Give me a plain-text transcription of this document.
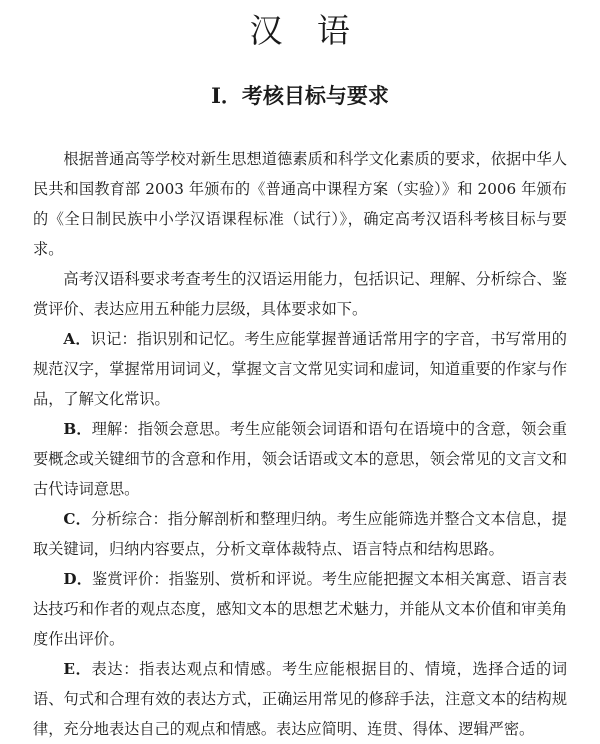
汉　语
Ⅰ．考核目标与要求

根据普通高等学校对新生思想道德素质和科学文化素质的要求，依据中华人民共和国教育部 2003 年颁布的《普通高中课程方案（实验）》和 2006 年颁布的《全日制民族中小学汉语课程标准（试行）》，确定高考汉语科考核目标与要求。

高考汉语科要求考查考生的汉语运用能力，包括识记、理解、分析综合、鉴赏评价、表达应用五种能力层级，具体要求如下。

A．识记：指识别和记忆。考生应能掌握普通话常用字的字音，书写常用的规范汉字，掌握常用词词义，掌握文言文常见实词和虚词，知道重要的作家与作品，了解文化常识。

B．理解：指领会意思。考生应能领会词语和语句在语境中的含意，领会重要概念或关键细节的含意和作用，领会话语或文本的意思，领会常见的文言文和古代诗词意思。

C．分析综合：指分解剖析和整理归纳。考生应能筛选并整合文本信息，提取关键词，归纳内容要点，分析文章体裁特点、语言特点和结构思路。

D．鉴赏评价：指鉴别、赏析和评说。考生应能把握文本相关寓意、语言表达技巧和作者的观点态度，感知文本的思想艺术魅力，并能从文本价值和审美角度作出评价。

E．表达：指表达观点和情感。考生应能根据目的、情境，选择合适的词语、句式和合理有效的表达方式，正确运用常见的修辞手法，注意文本的结构规律，充分地表达自己的观点和情感。表达应简明、连贯、得体、逻辑严密。
